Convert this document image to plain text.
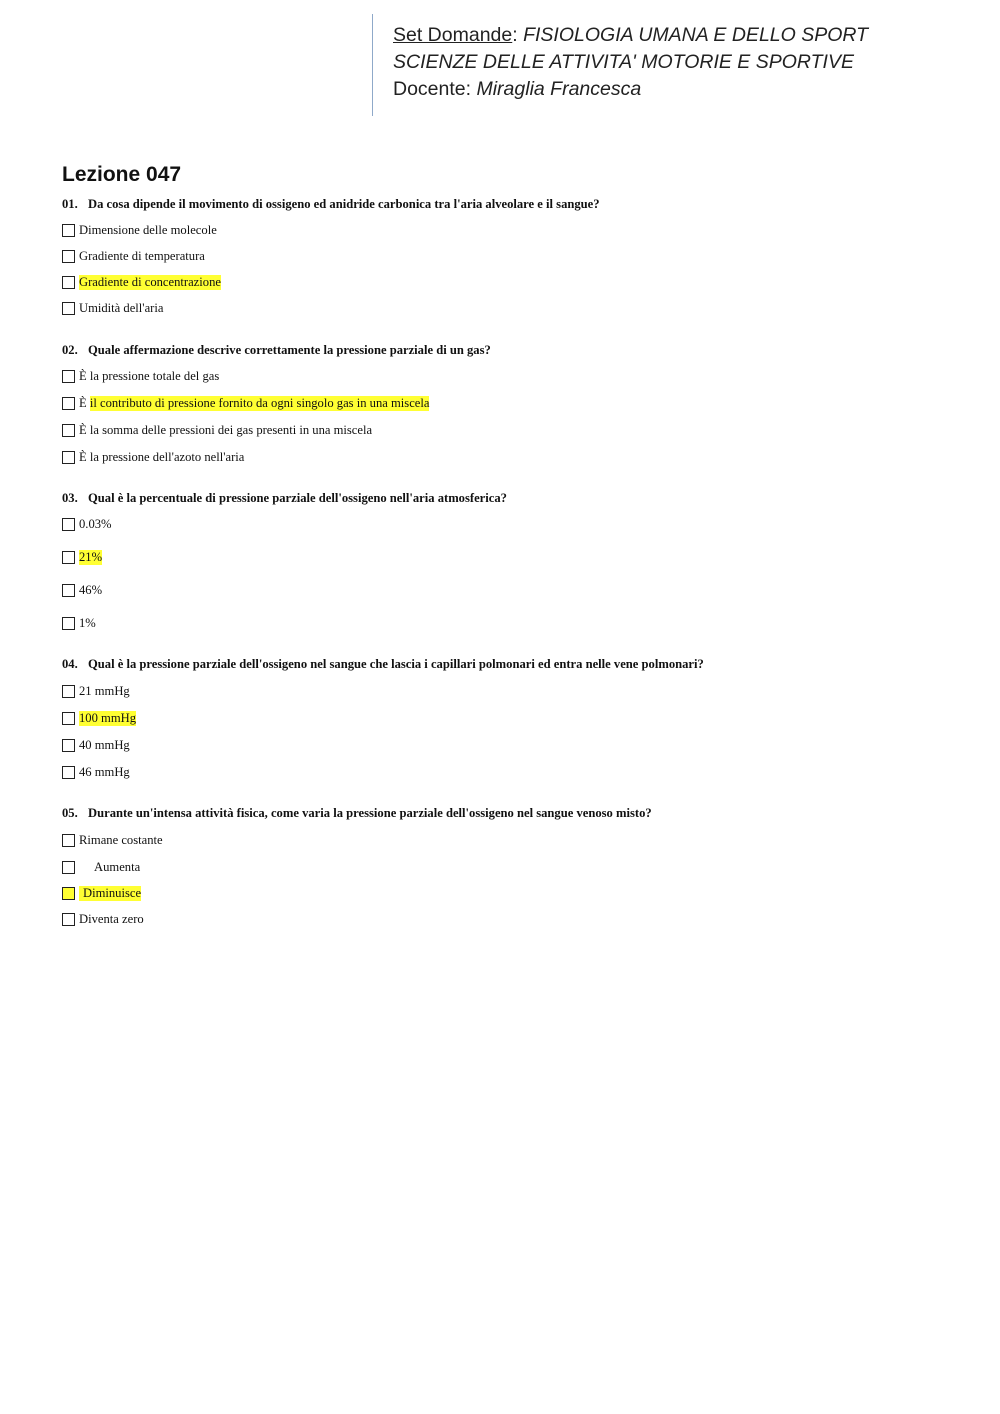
Set Domande: FISIOLOGIA UMANA E DELLO SPORT
SCIENZE DELLE ATTIVITA' MOTORIE E SPORTIVE
Docente: Miraglia Francesca
Lezione 047
01. Da cosa dipende il movimento di ossigeno ed anidride carbonica tra l'aria alveolare e il sangue?
Dimensione delle molecole
Gradiente di temperatura
Gradiente di concentrazione
Umidità dell'aria
02. Quale affermazione descrive correttamente la pressione parziale di un gas?
È la pressione totale del gas
È il contributo di pressione fornito da ogni singolo gas in una miscela
È la somma delle pressioni dei gas presenti in una miscela
È la pressione dell'azoto nell'aria
03. Qual è la percentuale di pressione parziale dell'ossigeno nell'aria atmosferica?
0.03%
21%
46%
1%
04. Qual è la pressione parziale dell'ossigeno nel sangue che lascia i capillari polmonari ed entra nelle vene polmonari?
21 mmHg
100 mmHg
40 mmHg
46 mmHg
05. Durante un'intensa attività fisica, come varia la pressione parziale dell'ossigeno nel sangue venoso misto?
Rimane costante
Aumenta
Diminuisce
Diventa zero
